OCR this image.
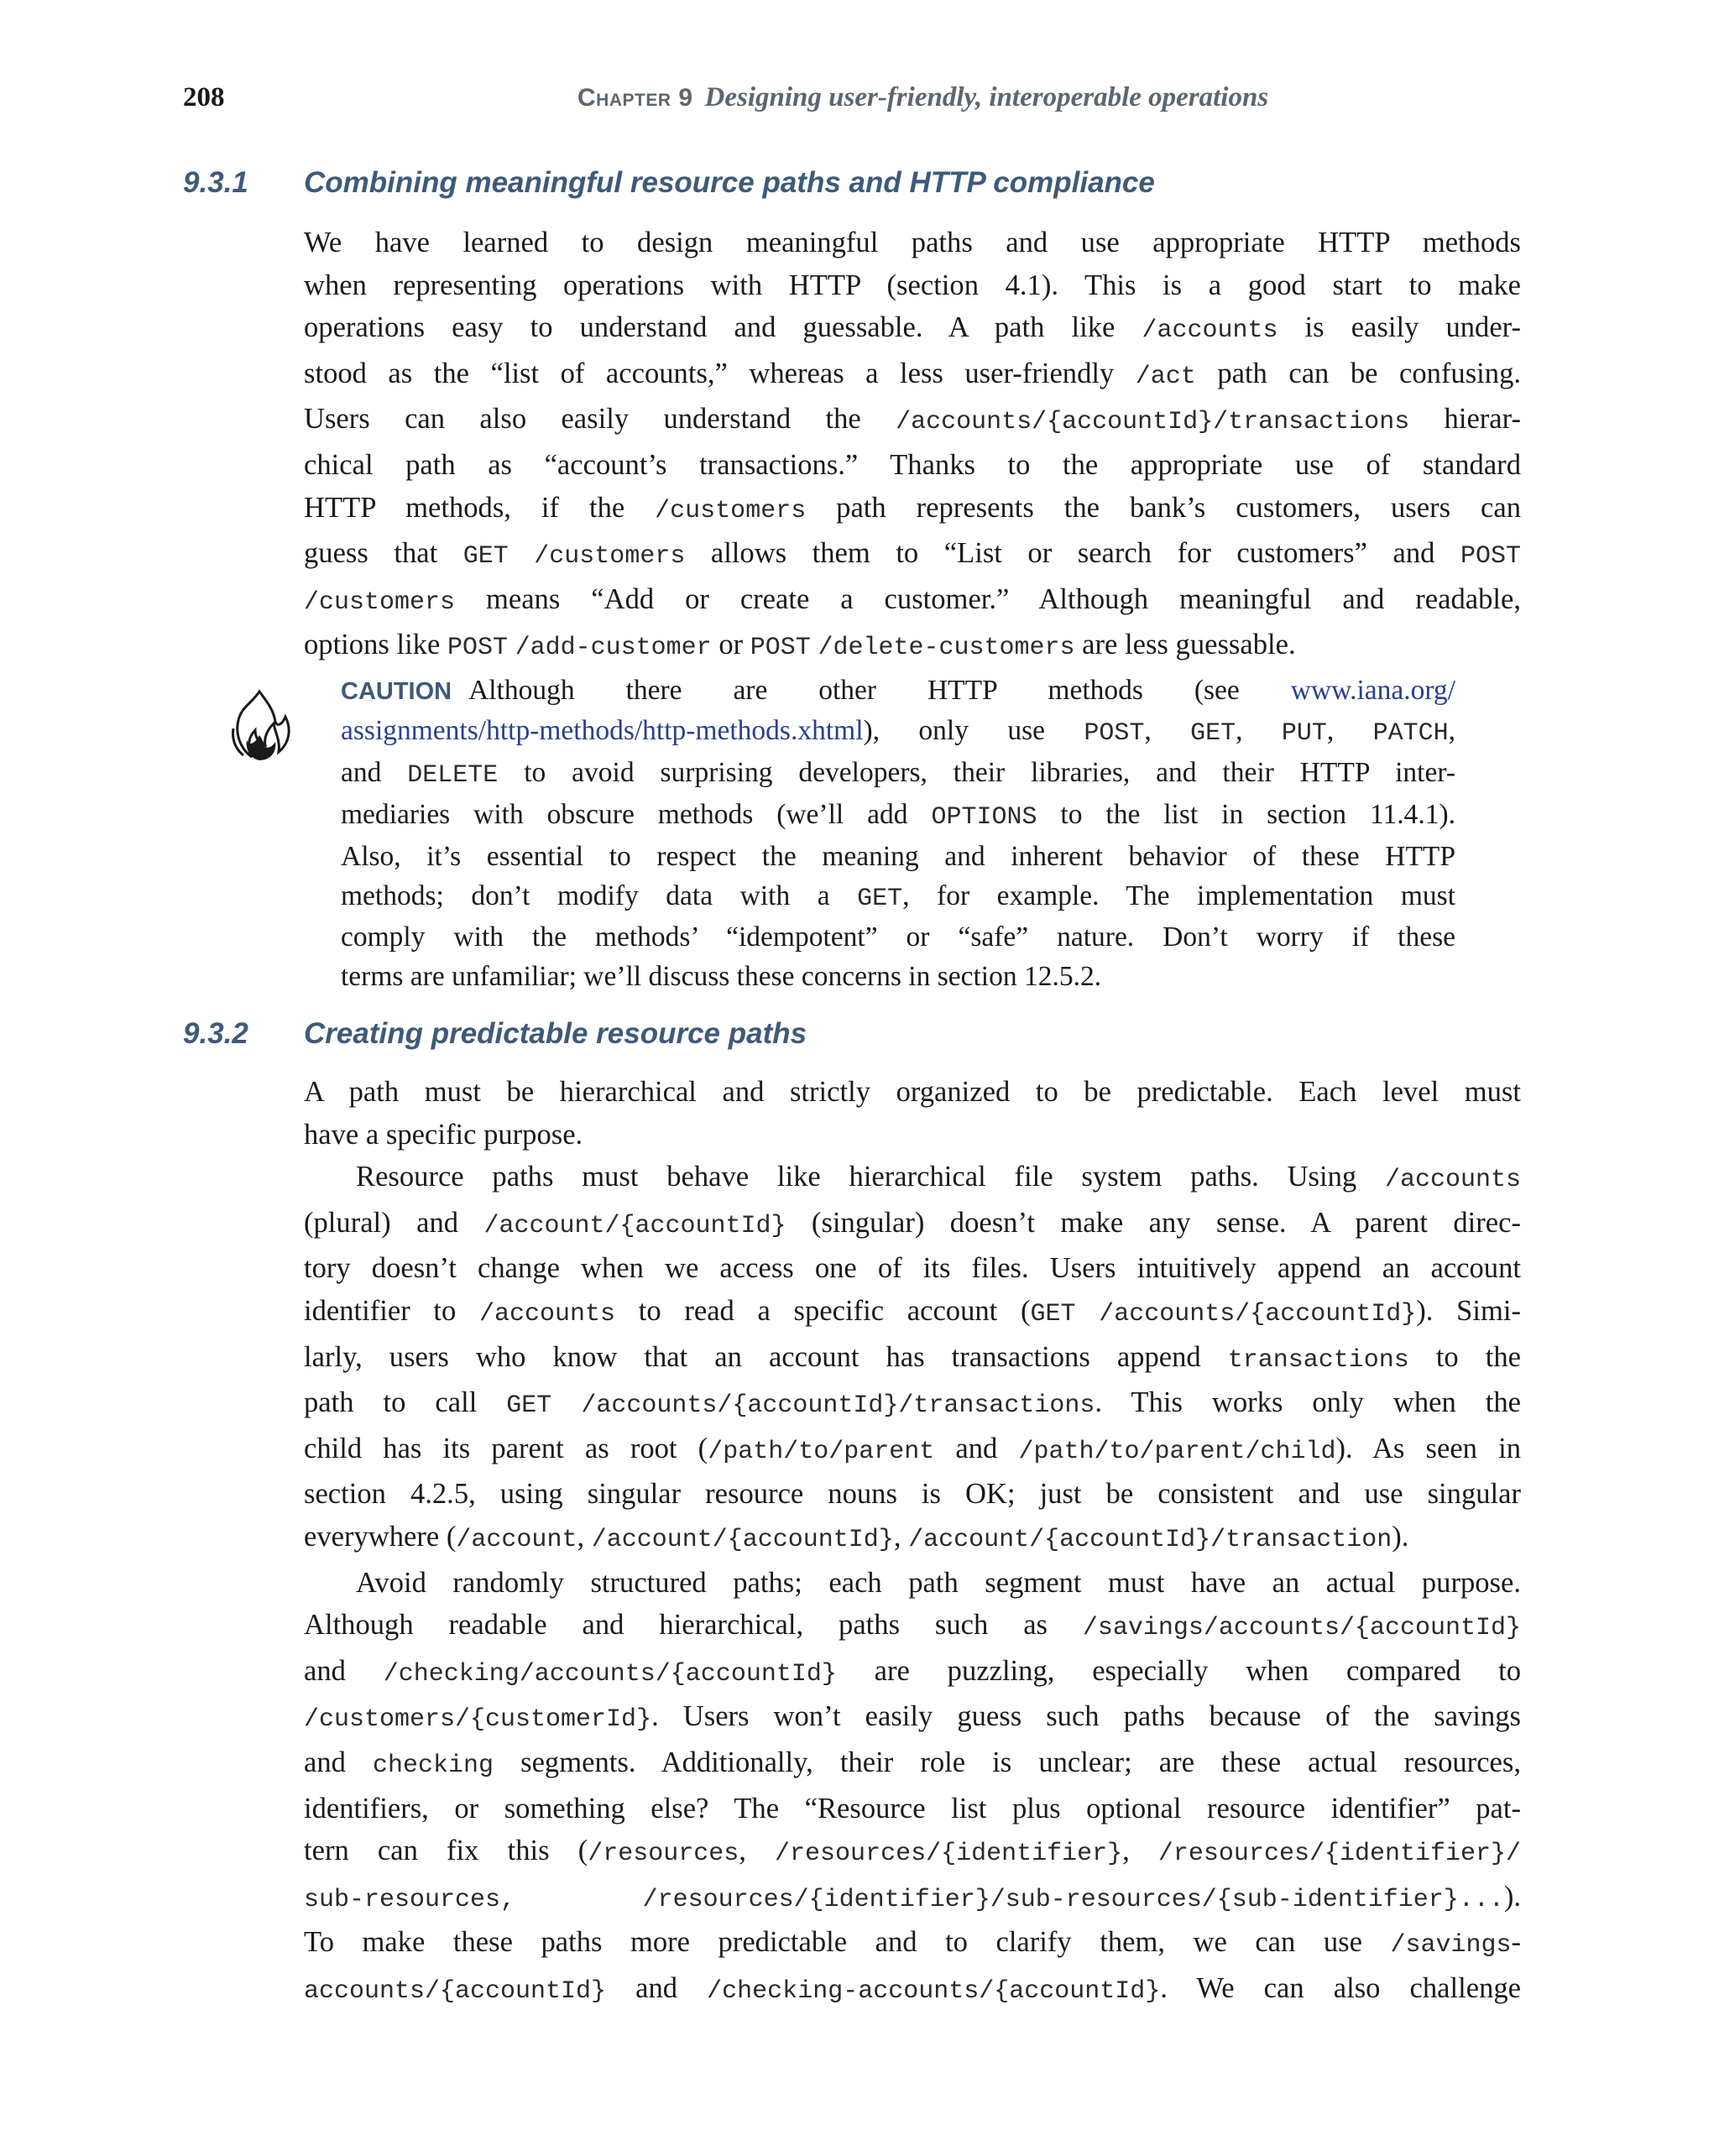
208	Chapter 9 Designing user-friendly, interoperable operations
9.3.1 Combining meaningful resource paths and HTTP compliance

We have learned to design meaningful paths and use appropriate HTTP methods
when representing operations with HTTP (section 4.1). This is a good start to make
operations easy to understand and guessable. A path like /accounts is easily under-
stood as the “list of accounts,” whereas a less user-friendly /act path can be confusing.
Users can also easily understand the /accounts/{accountId}/transactions hierar-
chical path as “account’s transactions.” Thanks to the appropriate use of standard
HTTP methods, if the /customers path represents the bank’s customers, users can
guess that GET /customers allows them to “List or search for customers” and POST
/customers means “Add or create a customer.” Although meaningful and readable,
options like POST /add-customer or POST /delete-customers are less guessable.

CAUTION Although there are other HTTP methods (see www.iana.org/
assignments/http-methods/http-methods.xhtml), only use POST, GET, PUT, PATCH,
and DELETE to avoid surprising developers, their libraries, and their HTTP inter-
mediaries with obscure methods (we’ll add OPTIONS to the list in section 11.4.1).
Also, it’s essential to respect the meaning and inherent behavior of these HTTP
methods; don’t modify data with a GET, for example. The implementation must
comply with the methods’ “idempotent” or “safe” nature. Don’t worry if these
terms are unfamiliar; we’ll discuss these concerns in section 12.5.2.

9.3.2 Creating predictable resource paths

A path must be hierarchical and strictly organized to be predictable. Each level must
have a specific purpose.

Resource paths must behave like hierarchical file system paths. Using /accounts
(plural) and /account/{accountId} (singular) doesn’t make any sense. A parent direc-
tory doesn’t change when we access one of its files. Users intuitively append an account
identifier to /accounts to read a specific account (GET /accounts/{accountId}). Simi-
larly, users who know that an account has transactions append transactions to the
path to call GET /accounts/{accountId}/transactions. This works only when the
child has its parent as root (/path/to/parent and /path/to/parent/child). As seen in
section 4.2.5, using singular resource nouns is OK; just be consistent and use singular
everywhere (/account, /account/{accountId}, /account/{accountId}/transaction).

Avoid randomly structured paths; each path segment must have an actual purpose.
Although readable and hierarchical, paths such as /savings/accounts/{accountId}
and /checking/accounts/{accountId} are puzzling, especially when compared to
/customers/{customerId}. Users won’t easily guess such paths because of the savings
and checking segments. Additionally, their role is unclear; are these actual resources,
identifiers, or something else? The “Resource list plus optional resource identifier” pat-
tern can fix this (/resources, /resources/{identifier}, /resources/{identifier}/
sub-resources,	/resources/{identifier}/sub-resources/{sub-identifier}...).
To make these paths more predictable and to clarify them, we can use /savings-
accounts/{accountId} and /checking-accounts/{accountId}. We can also challenge
